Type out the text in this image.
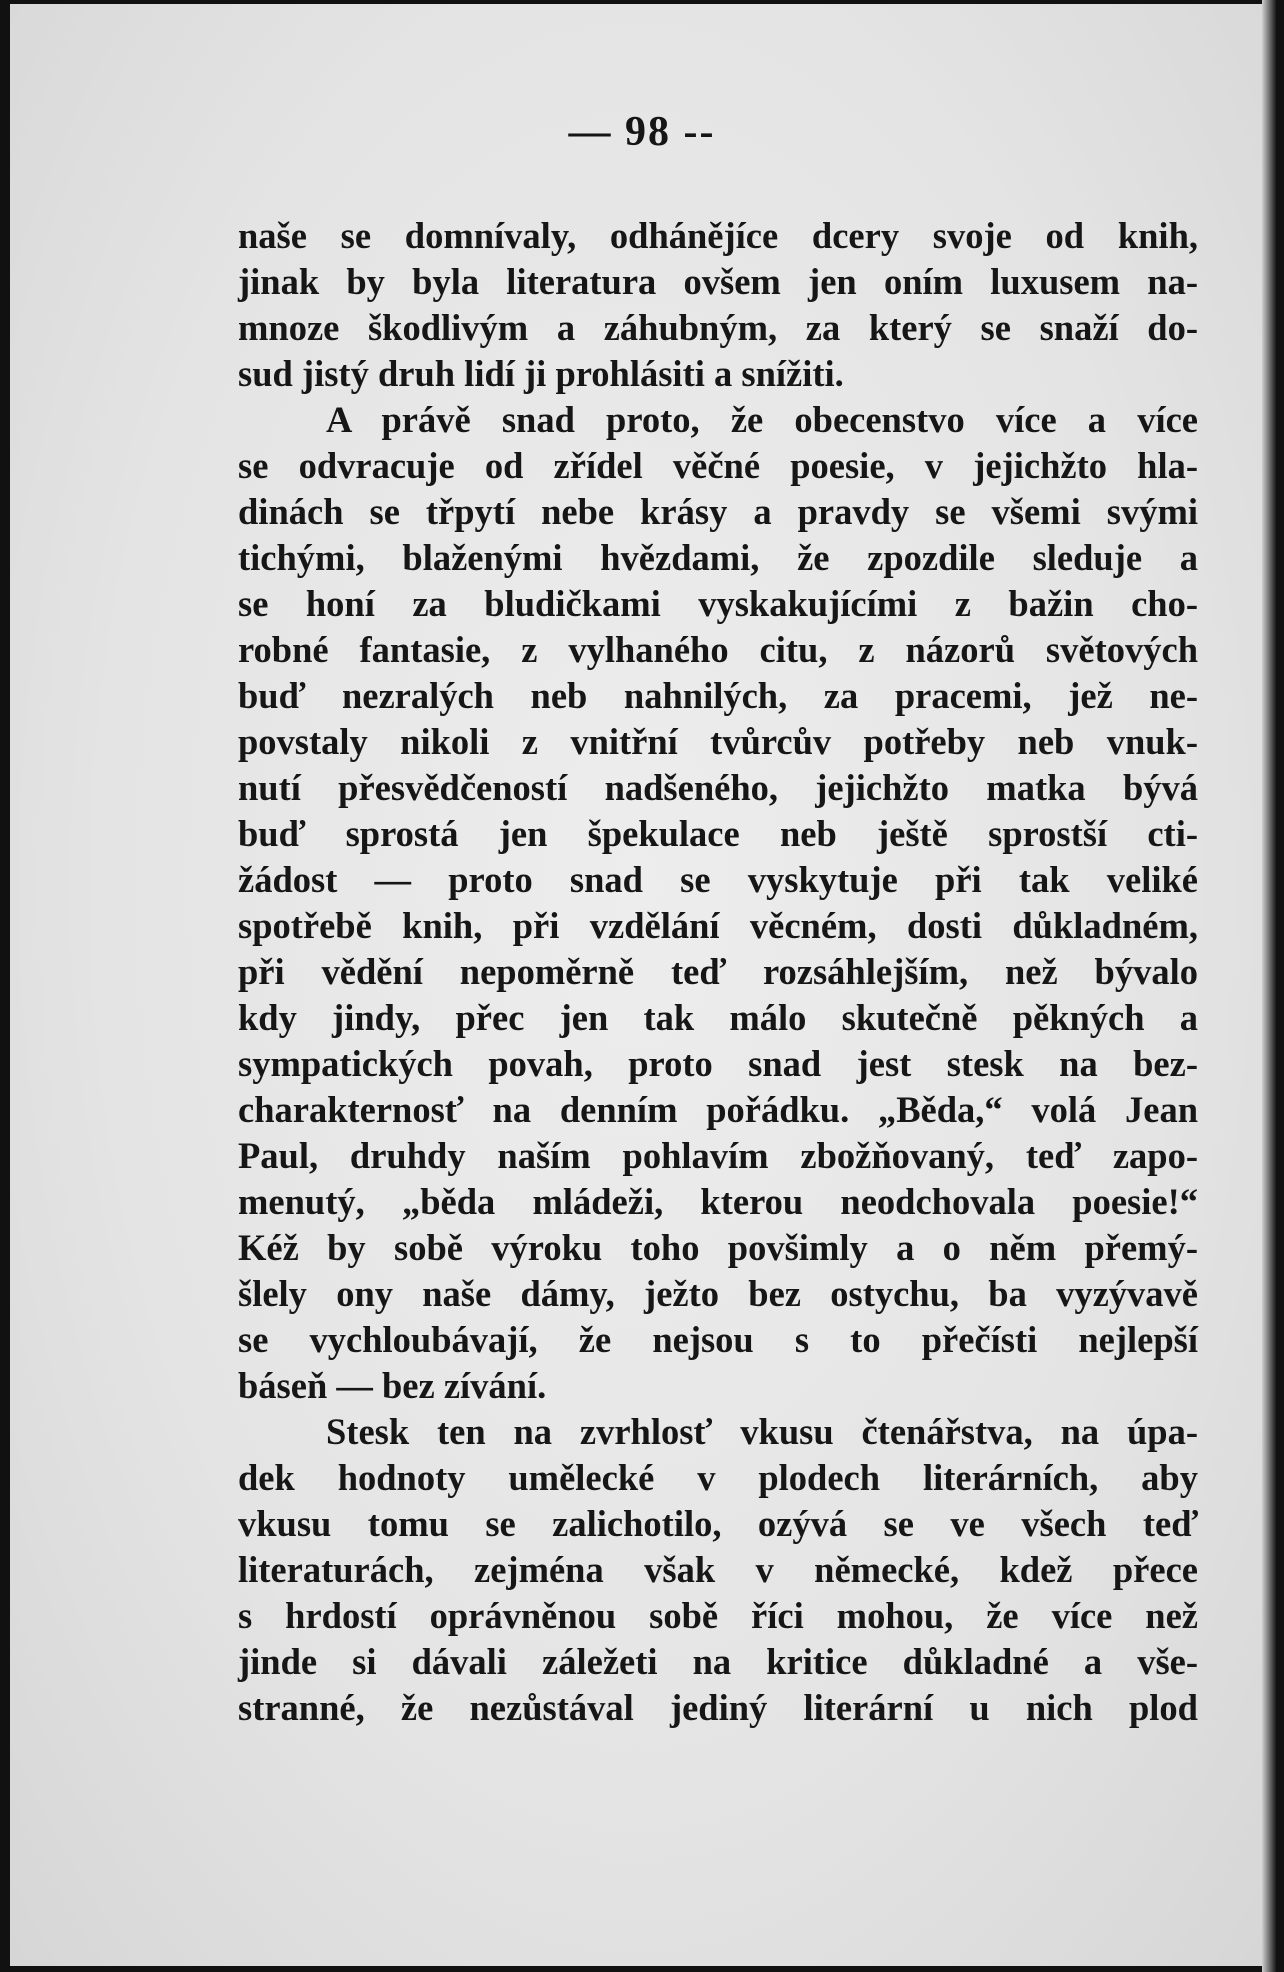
— 98 --
naše se domnívaly, odhánějíce dcery svoje od knih,
jinak by byla literatura ovšem jen oním luxusem na-
mnoze škodlivým a záhubným, za který se snaží do-
sud jistý druh lidí ji prohlásiti a snížiti.
A právě snad proto, že obecenstvo více a více
se odvracuje od zřídel věčné poesie, v jejichžto hla-
dinách se třpytí nebe krásy a pravdy se všemi svými
tichými, blaženými hvězdami, že zpozdile sleduje a
se honí za bludičkami vyskakujícími z bažin cho-
robné fantasie, z vylhaného citu, z názorů světových
buď nezralých neb nahnilých, za pracemi, jež ne-
povstaly nikoli z vnitřní tvůrcův potřeby neb vnuk-
nutí přesvědčeností nadšeného, jejichžto matka bývá
buď sprostá jen špekulace neb ještě sprostší cti-
žádost — proto snad se vyskytuje při tak veliké
spotřebě knih, při vzdělání věcném, dosti důkladném,
při vědění nepoměrně teď rozsáhlejším, než bývalo
kdy jindy, přec jen tak málo skutečně pěkných a
sympatických povah, proto snad jest stesk na bez-
charakternosť na denním pořádku. „Běda,“ volá Jean
Paul, druhdy naším pohlavím zbožňovaný, teď zapo-
menutý, „běda mládeži, kterou neodchovala poesie!“
Kéž by sobě výroku toho povšimly a o něm přemý-
šlely ony naše dámy, ježto bez ostychu, ba vyzývavě
se vychloubávají, že nejsou s to přečísti nejlepší
báseň — bez zívání.
Stesk ten na zvrhlosť vkusu čtenářstva, na úpa-
dek hodnoty umělecké v plodech literárních, aby
vkusu tomu se zalichotilo, ozývá se ve všech teď
literaturách, zejména však v německé, kdež přece
s hrdostí oprávněnou sobě říci mohou, že více než
jinde si dávali záležeti na kritice důkladné a vše-
stranné, že nezůstával jediný literární u nich plod
